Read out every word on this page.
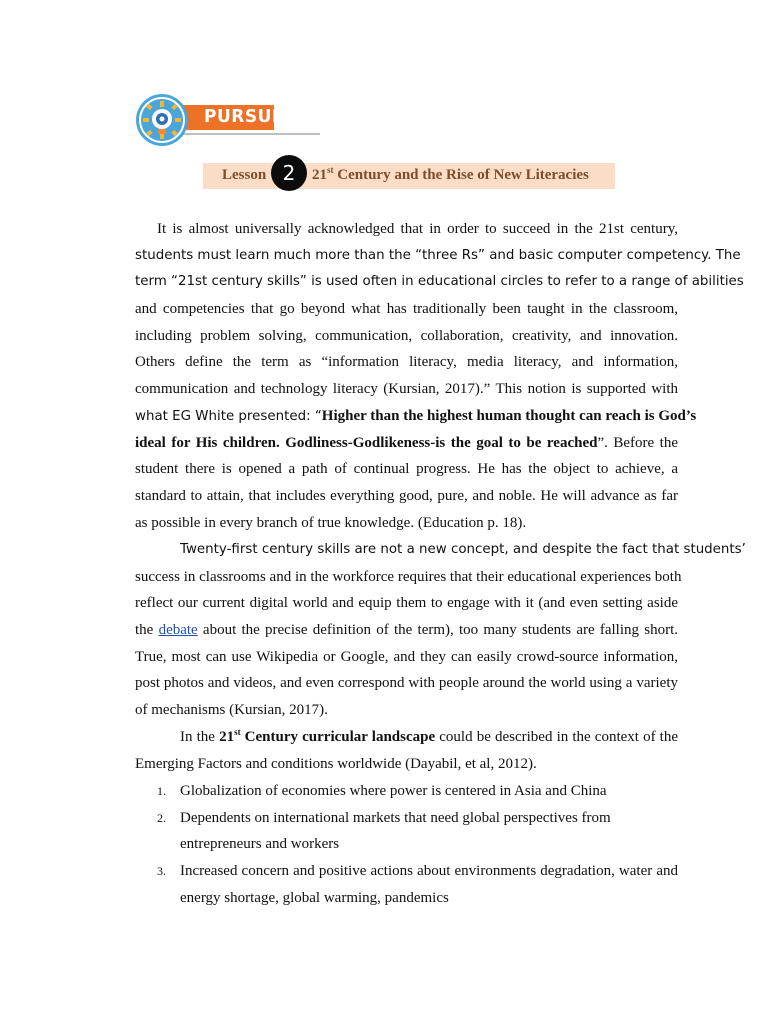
PURSUE
Lesson 2	21st Century and the Rise of New Literacies
It is almost universally acknowledged that in order to succeed in the 21st century,
students must learn much more than the “three Rs” and basic computer competency. The
term “21st century skills” is used often in educational circles to refer to a range of abilities
and competencies that go beyond what has traditionally been taught in the classroom,
including problem solving, communication, collaboration, creativity, and innovation.
Others define the term as “information literacy, media literacy, and information,
communication and technology literacy (Kursian, 2017).” This notion is supported with
what EG White presented: “Higher than the highest human thought can reach is God’s
ideal for His children. Godliness-Godlikeness-is the goal to be reached”. Before the
student there is opened a path of continual progress. He has the object to achieve, a
standard to attain, that includes everything good, pure, and noble. He will advance as far
as possible in every branch of true knowledge. (Education p. 18).
Twenty-first century skills are not a new concept, and despite the fact that students’
success in classrooms and in the workforce requires that their educational experiences both
reflect our current digital world and equip them to engage with it (and even setting aside
the debate about the precise definition of the term), too many students are falling short.
True, most can use Wikipedia or Google, and they can easily crowd-source information,
post photos and videos, and even correspond with people around the world using a variety
of mechanisms (Kursian, 2017).
In the 21st Century curricular landscape could be described in the context of the
Emerging Factors and conditions worldwide (Dayabil, et al, 2012).
1. Globalization of economies where power is centered in Asia and China
2. Dependents on international markets that need global perspectives from
entrepreneurs and workers
3. Increased concern and positive actions about environments degradation, water and
energy shortage, global warming, pandemics
